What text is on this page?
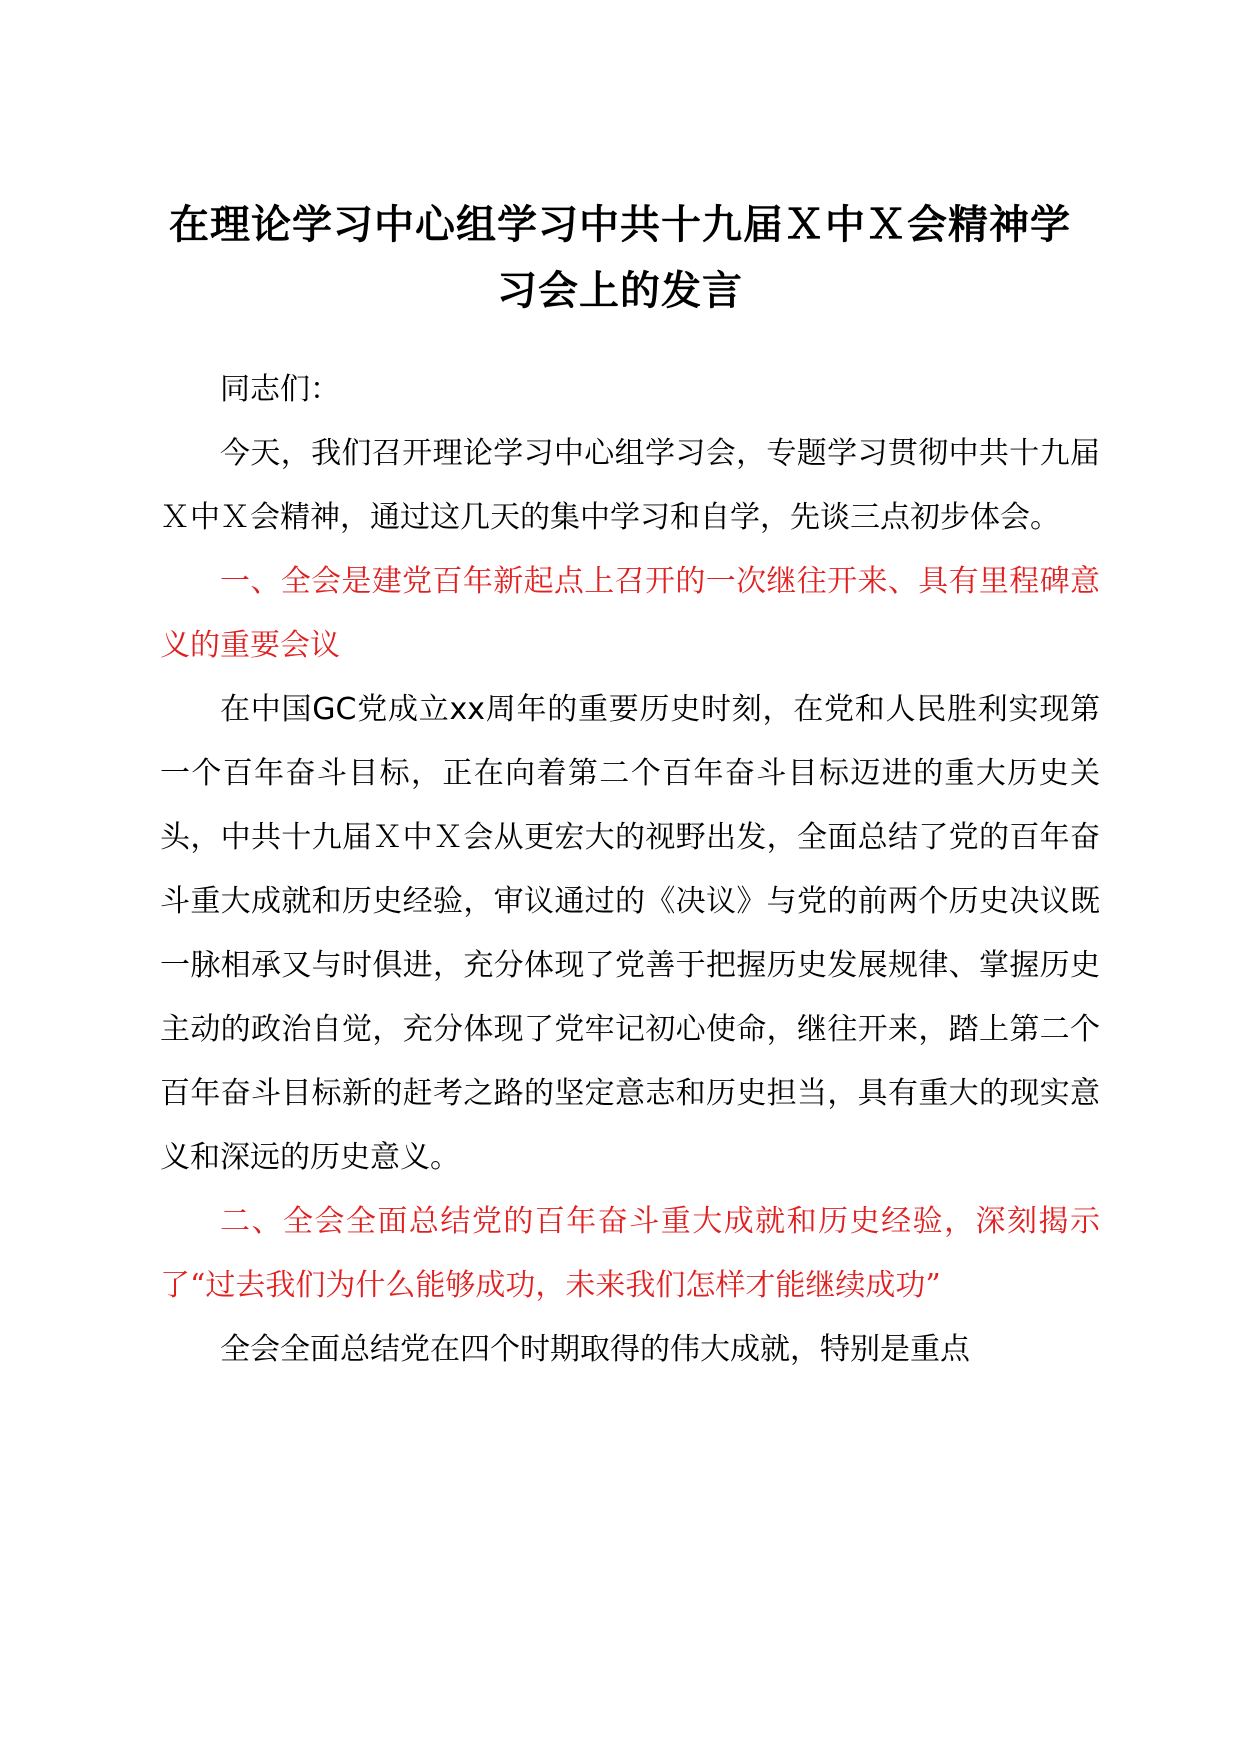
在理论学习中心组学习中共十九届Ｘ中Ｘ会精神学习会上的发言

同志们：

今天，我们召开理论学习中心组学习会，专题学习贯彻中共十九届Ｘ中Ｘ会精神，通过这几天的集中学习和自学，先谈三点初步体会。

一、全会是建党百年新起点上召开的一次继往开来、具有里程碑意义的重要会议

在中国GC党成立xx周年的重要历史时刻，在党和人民胜利实现第一个百年奋斗目标，正在向着第二个百年奋斗目标迈进的重大历史关头，中共十九届Ｘ中Ｘ会从更宏大的视野出发，全面总结了党的百年奋斗重大成就和历史经验，审议通过的《决议》与党的前两个历史决议既一脉相承又与时俱进，充分体现了党善于把握历史发展规律、掌握历史主动的政治自觉，充分体现了党牢记初心使命，继往开来，踏上第二个百年奋斗目标新的赶考之路的坚定意志和历史担当，具有重大的现实意义和深远的历史意义。

二、全会全面总结党的百年奋斗重大成就和历史经验，深刻揭示了“过去我们为什么能够成功，未来我们怎样才能继续成功”

全会全面总结党在四个时期取得的伟大成就，特别是重点
